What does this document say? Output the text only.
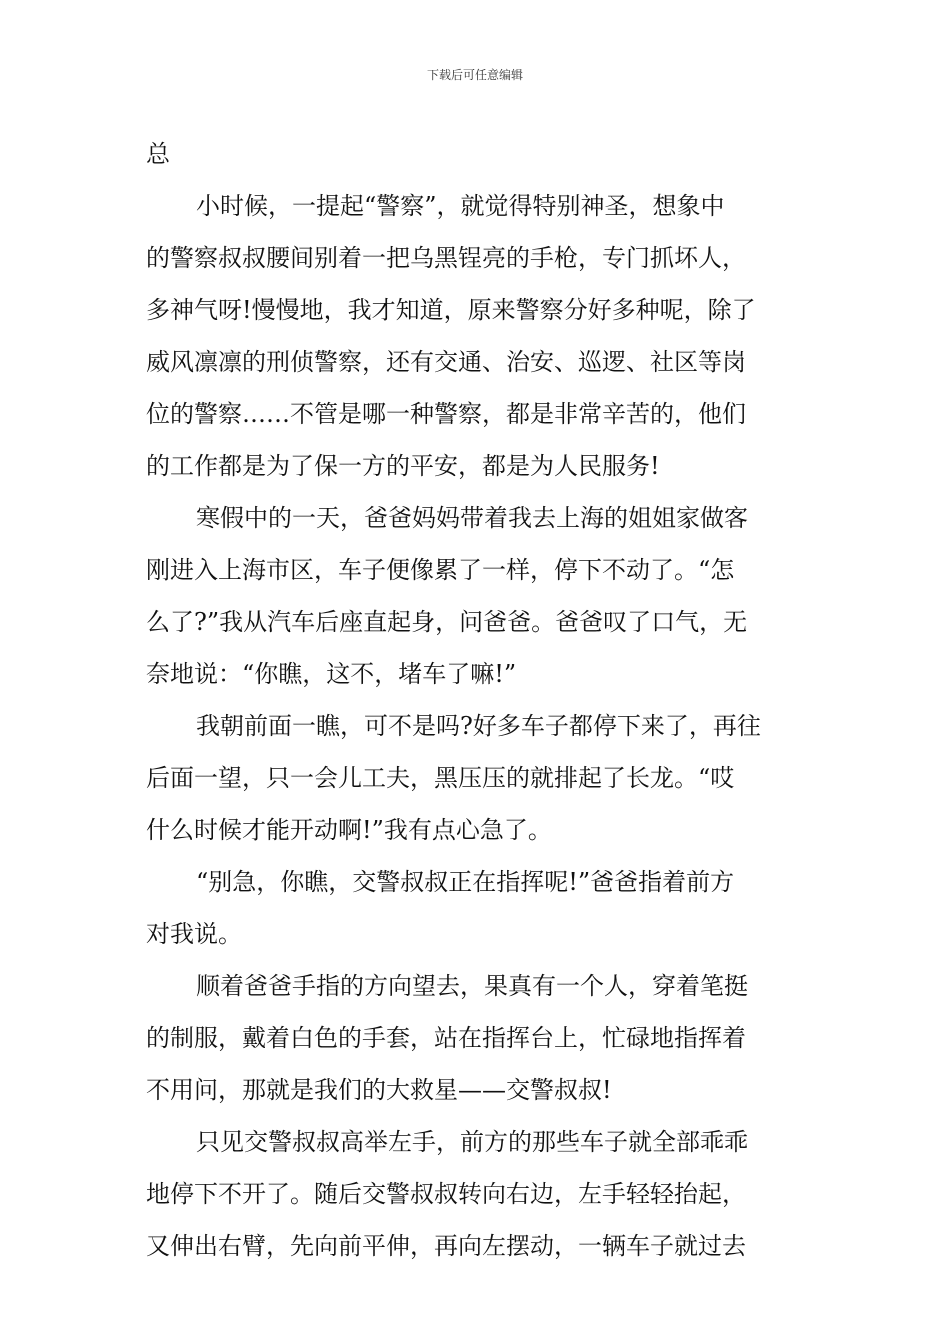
下载后可任意编辑
总
小时候，一提起“警察”，就觉得特别神圣，想象中
的警察叔叔腰间别着一把乌黑锃亮的手枪，专门抓坏人，
多神气呀!慢慢地，我才知道，原来警察分好多种呢，除了
威风凛凛的刑侦警察，还有交通、治安、巡逻、社区等岗
位的警察……不管是哪一种警察，都是非常辛苦的，他们
的工作都是为了保一方的平安，都是为人民服务!
寒假中的一天，爸爸妈妈带着我去上海的姐姐家做客
刚进入上海市区，车子便像累了一样，停下不动了。“怎
么了?”我从汽车后座直起身，问爸爸。爸爸叹了口气，无
奈地说：“你瞧，这不，堵车了嘛!”
我朝前面一瞧，可不是吗?好多车子都停下来了，再往
后面一望，只一会儿工夫，黑压压的就排起了长龙。“哎
什么时候才能开动啊!”我有点心急了。
“别急，你瞧，交警叔叔正在指挥呢!”爸爸指着前方
对我说。
顺着爸爸手指的方向望去，果真有一个人，穿着笔挺
的制服，戴着白色的手套，站在指挥台上，忙碌地指挥着
不用问，那就是我们的大救星——交警叔叔!
只见交警叔叔高举左手，前方的那些车子就全部乖乖
地停下不开了。随后交警叔叔转向右边，左手轻轻抬起，
又伸出右臂，先向前平伸，再向左摆动，一辆车子就过去
